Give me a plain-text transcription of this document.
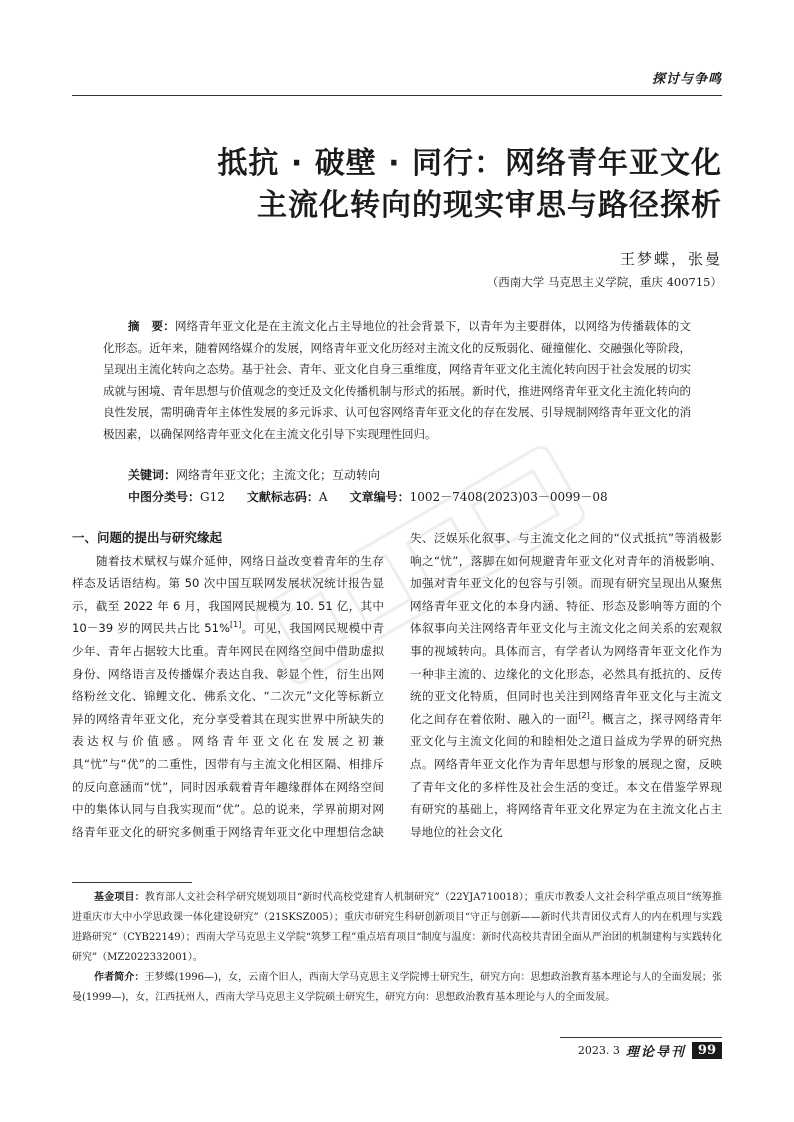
探讨与争鸣
抵抗 · 破壁 · 同行：网络青年亚文化
主流化转向的现实审思与路径探析
王梦蝶，张曼
（西南大学 马克思主义学院，重庆 400715）
摘　要：网络青年亚文化是在主流文化占主导地位的社会背景下，以青年为主要群体，以网络为传播载体的文化形态。近年来，随着网络媒介的发展，网络青年亚文化历经对主流文化的反叛弱化、碰撞催化、交融强化等阶段，呈现出主流化转向之态势。基于社会、青年、亚文化自身三重维度，网络青年亚文化主流化转向因于社会发展的切实成就与困境、青年思想与价值观念的变迁及文化传播机制与形式的拓展。新时代，推进网络青年亚文化主流化转向的良性发展，需明确青年主体性发展的多元诉求、认可包容网络青年亚文化的存在发展、引导规制网络青年亚文化的消极因素，以确保网络青年亚文化在主流文化引导下实现理性回归。
关键词：网络青年亚文化；主流文化；互动转向
中图分类号：G12 文献标志码：A 文章编号：1002－7408(2023)03－0099－08
一、问题的提出与研究缘起

随着技术赋权与媒介延伸，网络日益改变着青年的生存样态及话语结构。第 50 次中国互联网发展状况统计报告显示，截至 2022 年 6 月，我国网民规模为 10. 51 亿，其中 10－39 岁的网民共占比 51%[1]。可见，我国网民规模中青少年、青年占据较大比重。青年网民在网络空间中借助虚拟身份、网络语言及传播媒介表达自我、彰显个性，衍生出网络粉丝文化、锦鲤文化、佛系文化、“二次元”文化等标新立异的网络青年亚文化，充分享受着其在现实世界中所缺失的表达权与价值感。网络青年亚文化在发展之初兼具“忧”与“优”的二重性，因带有与主流文化相区隔、相排斥的反向意涵而“忧”，同时因承载着青年趣缘群体在网络空间中的集体认同与自我实现而“优”。总的说来，学界前期对网络青年亚文化的研究多侧重于网络青年亚文化中理想信念缺失、泛娱乐化叙事、与主流文化之间的“仪式抵抗”等消极影响之“忧”，落脚在如何规避青年亚文化对青年的消极影响、加强对青年亚文化的包容与引领。而现有研究呈现出从聚焦网络青年亚文化的本身内涵、特征、形态及影响等方面的个体叙事向关注网络青年亚文化与主流文化之间关系的宏观叙事的视域转向。具体而言，有学者认为网络青年亚文化作为一种非主流的、边缘化的文化形态，必然具有抵抗的、反传统的亚文化特质，但同时也关注到网络青年亚文化与主流文化之间存在着依附、融入的一面[2]。概言之，探寻网络青年亚文化与主流文化间的和睦相处之道日益成为学界的研究热点。网络青年亚文化作为青年思想与形象的展现之窗，反映了青年文化的多样性及社会生活的变迁。本文在借鉴学界现有研究的基础上，将网络青年亚文化界定为在主流文化占主导地位的社会文化

基金项目：教育部人文社会科学研究规划项目“新时代高校党建育人机制研究”（22YJA710018）；重庆市教委人文社会科学重点项目“统筹推进重庆市大中小学思政课一体化建设研究”（21SKSZ005）；重庆市研究生科研创新项目“守正与创新——新时代共青团仪式育人的内在机理与实践进路研究”（CYB22149）；西南大学马克思主义学院“筑梦工程”重点培育项目“制度与温度：新时代高校共青团全面从严治团的机制建构与实践转化研究”（MZ2022332001）。

作者简介：王梦蝶(1996—)，女，云南个旧人，西南大学马克思主义学院博士研究生，研究方向：思想政治教育基本理论与人的全面发展；张曼(1999—)，女，江西抚州人，西南大学马克思主义学院硕士研究生，研究方向：思想政治教育基本理论与人的全面发展。

2023. 3 理论导刊 99
